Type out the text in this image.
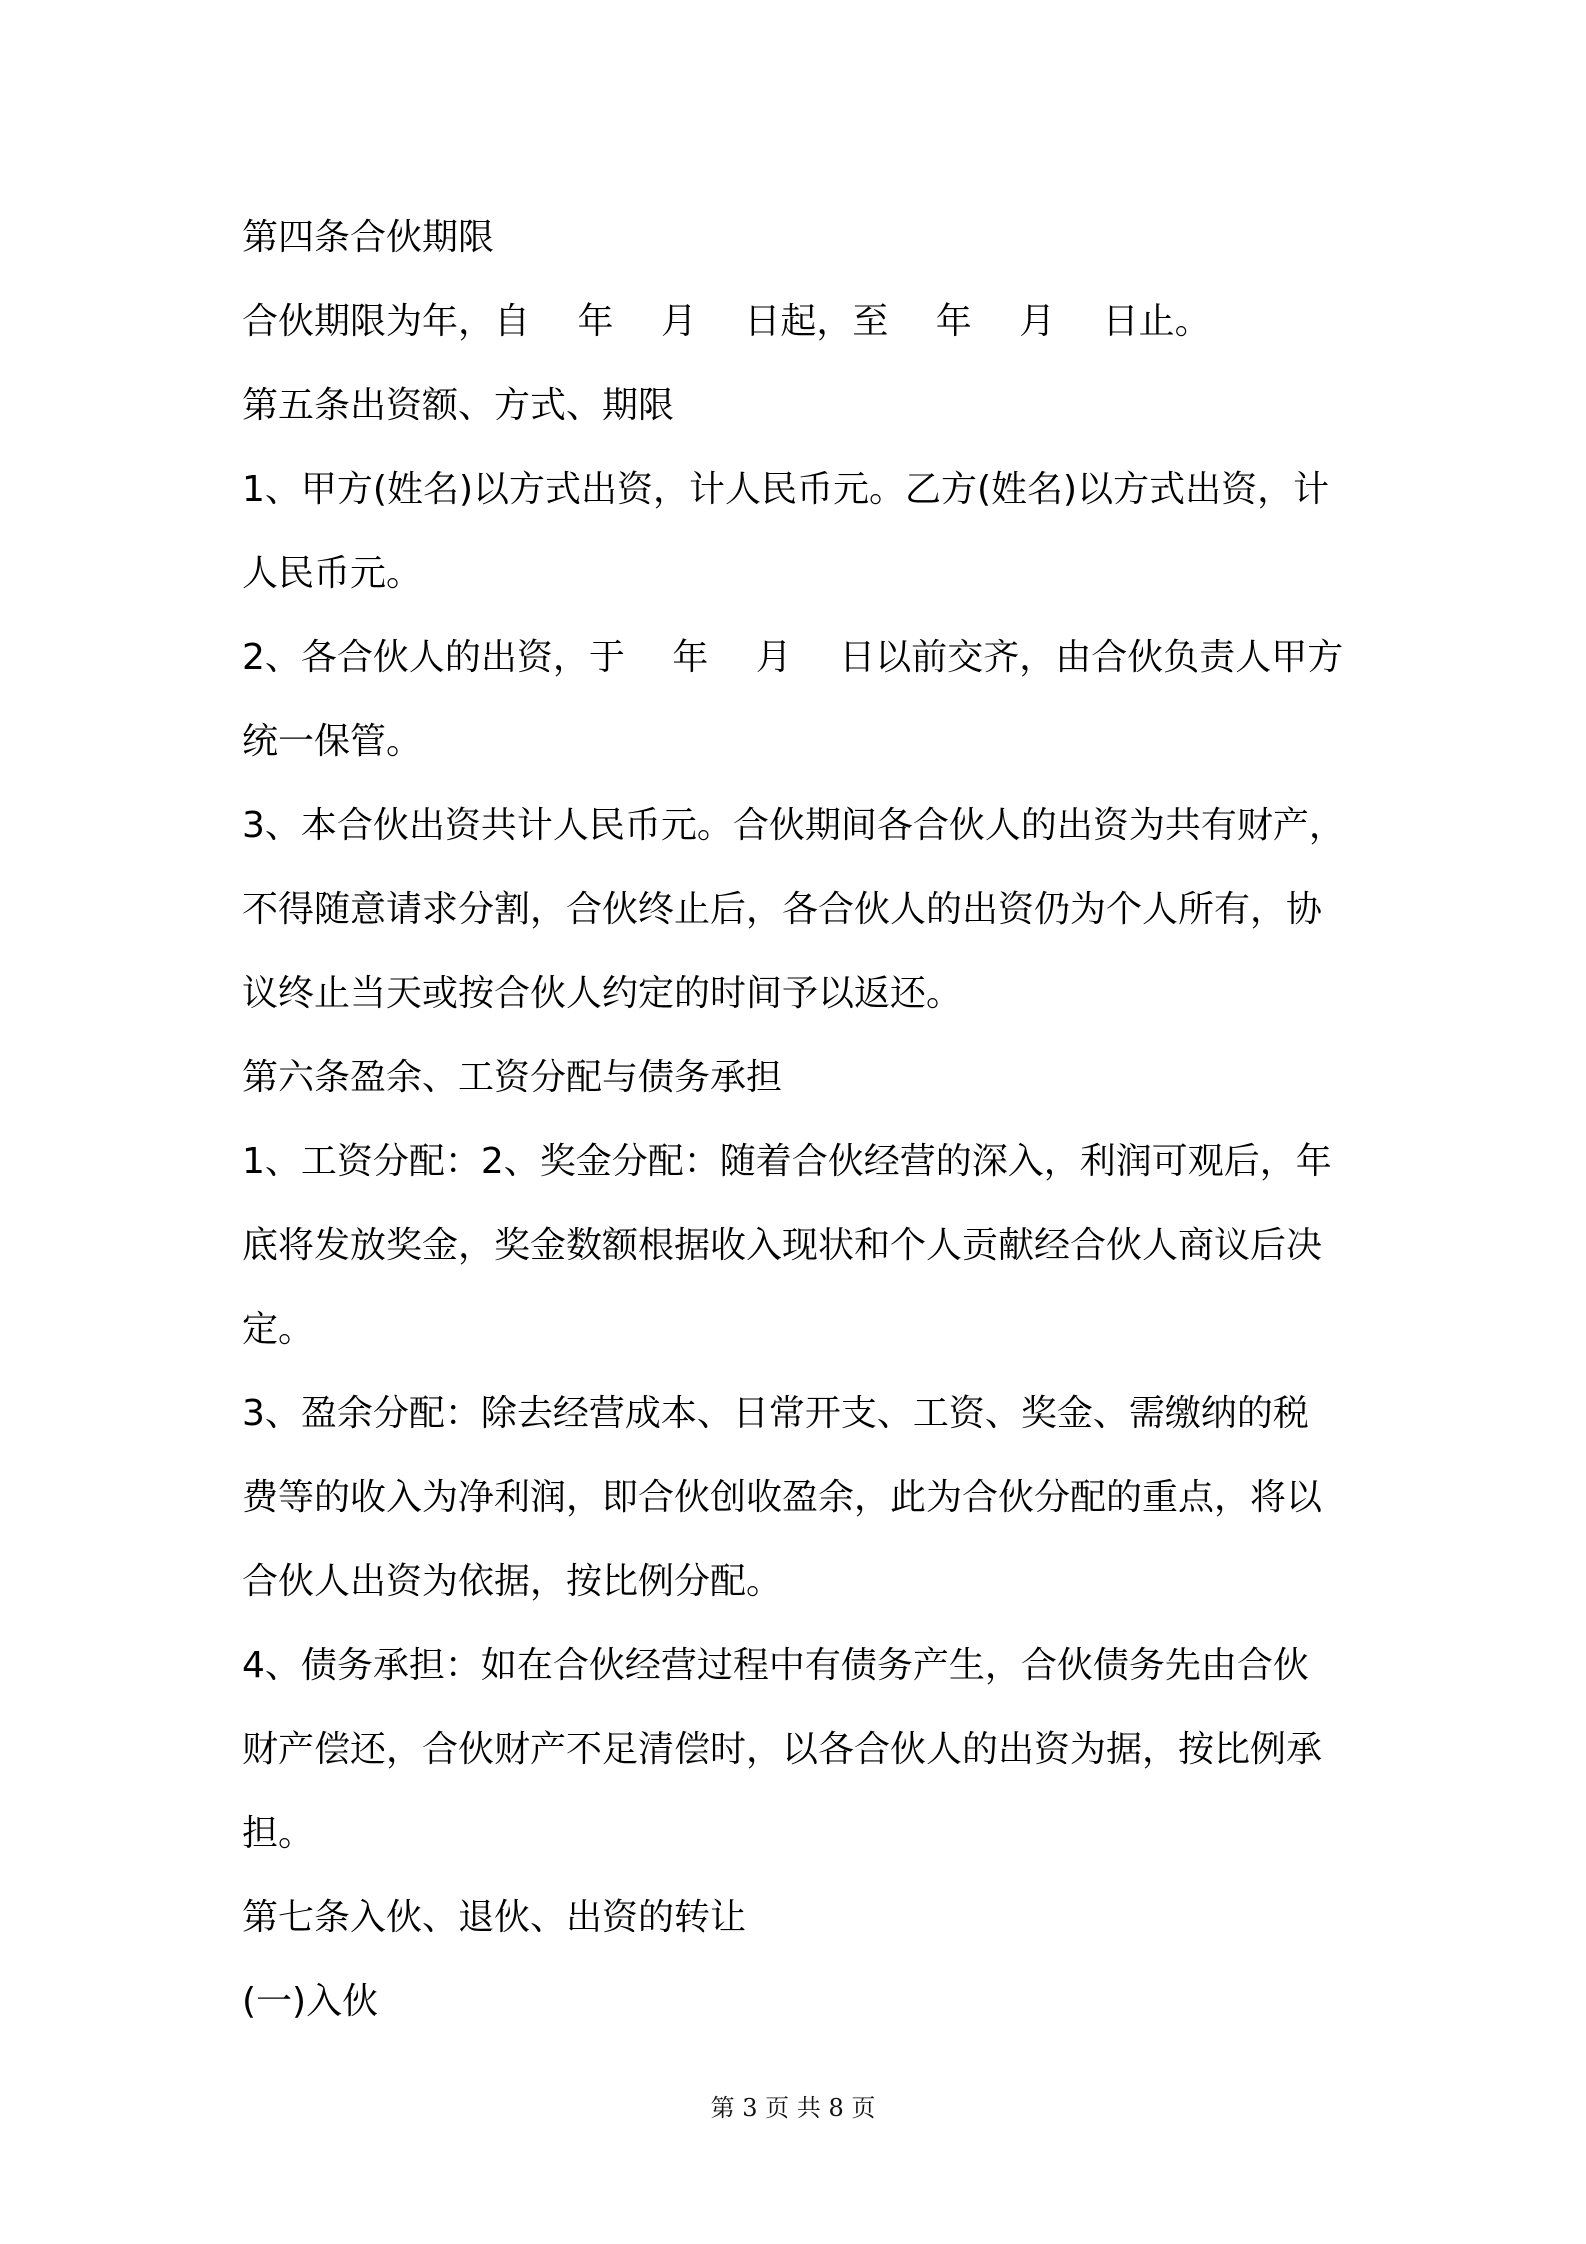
第四条合伙期限
合伙期限为年，自　 年　 月　 日起，至　 年　 月　 日止。
第五条出资额、方式、期限
1、甲方(姓名)以方式出资，计人民币元。乙方(姓名)以方式出资，计
人民币元。
2、各合伙人的出资，于　 年　 月　 日以前交齐，由合伙负责人甲方
统一保管。
3、本合伙出资共计人民币元。合伙期间各合伙人的出资为共有财产，
不得随意请求分割，合伙终止后，各合伙人的出资仍为个人所有，协
议终止当天或按合伙人约定的时间予以返还。
第六条盈余、工资分配与债务承担
1、工资分配：2、奖金分配：随着合伙经营的深入，利润可观后，年
底将发放奖金，奖金数额根据收入现状和个人贡献经合伙人商议后决
定。
3、盈余分配：除去经营成本、日常开支、工资、奖金、需缴纳的税
费等的收入为净利润，即合伙创收盈余，此为合伙分配的重点，将以
合伙人出资为依据，按比例分配。
4、债务承担：如在合伙经营过程中有债务产生，合伙债务先由合伙
财产偿还，合伙财产不足清偿时，以各合伙人的出资为据，按比例承
担。
第七条入伙、退伙、出资的转让
(一)入伙
第 3 页 共 8 页
